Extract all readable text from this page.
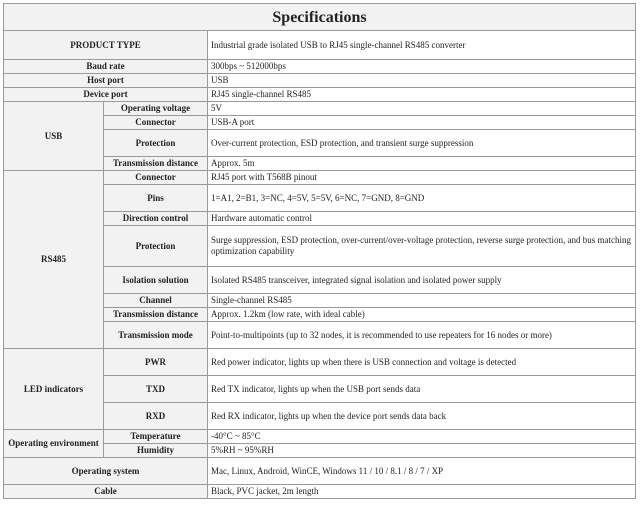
Specifications		
PRODUCT TYPE		Industrial grade isolated USB to RJ45 single-channel RS485 converter
Baud rate		300bps ~ 512000bps
Host port		USB
Device port		RJ45 single-channel RS485
USB	Operating voltage	5V
	Connector	USB-A port
	Protection	Over-current protection, ESD protection, and transient surge suppression
	Transmission distance	Approx. 5m
RS485	Connector	RJ45 port with T568B pinout
	Pins	1=A1, 2=B1, 3=NC, 4=5V, 5=5V, 6=NC, 7=GND, 8=GND
	Direction control	Hardware automatic control
	Protection	Surge suppression, ESD protection, over-current/over-voltage protection, reverse surge protection, and bus matching optimization capability
	Isolation solution	Isolated RS485 transceiver, integrated signal isolation and isolated power supply
	Channel	Single-channel RS485
	Transmission distance	Approx. 1.2km (low rate, with ideal cable)
	Transmission mode	Point-to-multipoints (up to 32 nodes, it is recommended to use repeaters for 16 nodes or more)
LED indicators	PWR	Red power indicator, lights up when there is USB connection and voltage is detected
	TXD	Red TX indicator, lights up when the USB port sends data
	RXD	Red RX indicator, lights up when the device port sends data back
Operating environment	Temperature	-40°C ~ 85°C
	Humidity	5%RH ~ 95%RH
Operating system		Mac, Linux, Android, WinCE, Windows 11 / 10 / 8.1 / 8 / 7 / XP
Cable		Black, PVC jacket, 2m length
